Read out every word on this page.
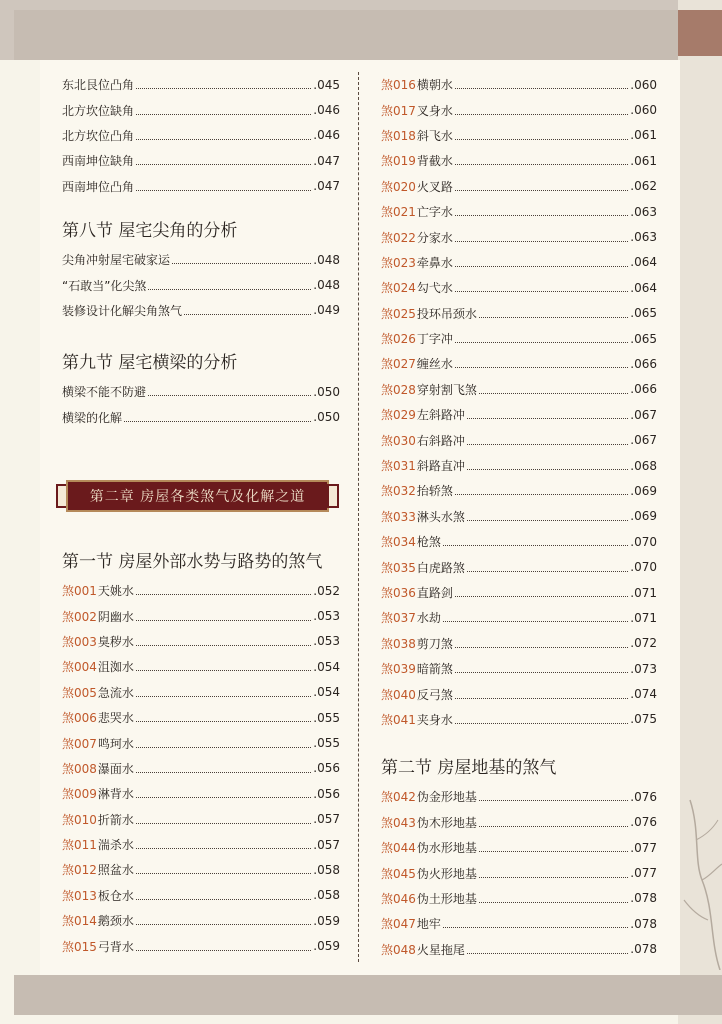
东北艮位凸角	.045
北方坎位缺角	.046
北方坎位凸角	.046
西南坤位缺角	.047
西南坤位凸角	.047
第八节 屋宅尖角的分析
尖角冲射屋宅破家运	.048
“石敢当”化尖煞	.048
装修设计化解尖角煞气	.049
第九节 屋宅横梁的分析
横梁不能不防避	.050
横梁的化解	.050
第二章 房屋各类煞气及化解之道
第一节 房屋外部水势与路势的煞气
煞001 天姚水	.052
煞002 阴幽水	.053
煞003 臭秽水	.053
煞004 沮洳水	.054
煞005 急流水	.054
煞006 悲哭水	.055
煞007 鸣珂水	.055
煞008 瀑面水	.056
煞009 淋背水	.056
煞010 折箭水	.057
煞011 湍杀水	.057
煞012 照盆水	.058
煞013 板仓水	.058
煞014 鹅颈水	.059
煞015 弓背水	.059
煞016 横朝水	.060
煞017 叉身水	.060
煞018 斜飞水	.061
煞019 背截水	.061
煞020 火叉路	.062
煞021 亡字水	.063
煞022 分家水	.063
煞023 牵鼻水	.064
煞024 勾弋水	.064
煞025 投环吊颈水	.065
煞026 丁字冲	.065
煞027 缠丝水	.066
煞028 穿射割飞煞	.066
煞029 左斜路冲	.067
煞030 右斜路冲	.067
煞031 斜路直冲	.068
煞032 抬轿煞	.069
煞033 淋头水煞	.069
煞034 枪煞	.070
煞035 白虎路煞	.070
煞036 直路剑	.071
煞037 水劫	.071
煞038 剪刀煞	.072
煞039 暗箭煞	.073
煞040 反弓煞	.074
煞041 夹身水	.075
第二节 房屋地基的煞气
煞042 伪金形地基	.076
煞043 伪木形地基	.076
煞044 伪水形地基	.077
煞045 伪火形地基	.077
煞046 伪土形地基	.078
煞047 地牢	.078
煞048 火星拖尾	.078
